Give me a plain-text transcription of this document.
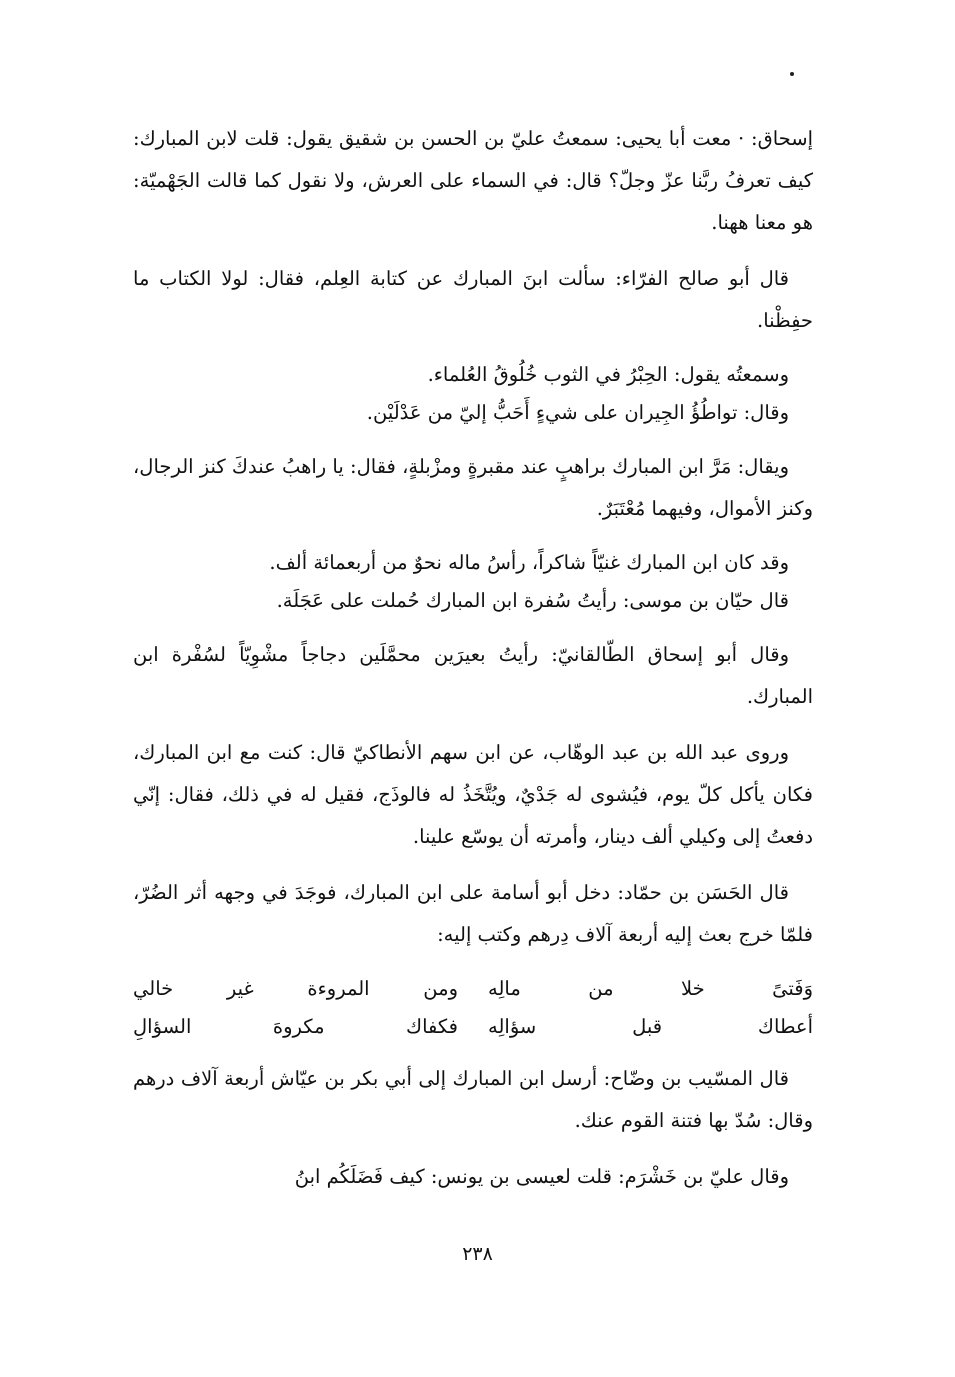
إسحاق: · معت أبا يحيى: سمعتُ عليّ بن الحسن بن شقيق يقول: قلت لابن المبارك: كيف تعرفُ ربَّنا عزّ وجلّ؟ قال: في السماء على العرش، ولا نقول كما قالت الجَهْميّة: هو معنا ههنا.

قال أبو صالح الفرّاء: سألت ابنَ المبارك عن كتابة العِلم، فقال: لولا الكتاب ما حفِظْنا.

وسمعتُه يقول: الحِبْرُ في الثوب خُلُوقُ العُلماء.

وقال: تواطُؤُ الجِيران على شيءٍ أَحَبُّ إليّ من عَدْلَيْن.

ويقال: مَرَّ ابن المبارك براهبٍ عند مقبرةٍ ومزْبلةٍ، فقال: يا راهبُ عندكَ كنز الرجال، وكنز الأموال، وفيهما مُعْتَبَرٌ.

وقد كان ابن المبارك غنيّاً شاكراً، رأسُ ماله نحوٌ من أربعمائة ألف.

قال حيّان بن موسى: رأيتُ سُفرة ابن المبارك حُملت على عَجَلَة.

وقال أبو إسحاق الطّالقانيّ: رأيتُ بعيرَين محمَّلَين دجاجاً مشْوِيّاً لسُفْرة ابن المبارك.

وروى عبد الله بن عبد الوهّاب، عن ابن سهم الأنطاكيّ قال: كنت مع ابن المبارك، فكان يأكل كلّ يوم، فيُشوى له جَدْيٌ، ويُتَّخَذُ له فالوذَج، فقيل له في ذلك، فقال: إنّي دفعتُ إلى وكيلي ألف دينار، وأمرته أن يوسّع علينا.

قال الحَسَن بن حمّاد: دخل أبو أسامة على ابن المبارك، فوجَدَ في وجهه أثر الضُرّ، فلمّا خرج بعث إليه أربعة آلاف دِرهم وكتب إليه:

وَفَتىً خلا من مالِه
ومن المروءة غير خالي
أعطاك قبل سؤالِه
فكفاك مكروهَ السؤالِ

قال المسّيب بن وضّاح: أرسل ابن المبارك إلى أبي بكر بن عيّاش أربعة آلاف درهم وقال: سُدّ بها فتنة القوم عنك.

وقال عليّ بن خَشْرَم: قلت لعيسى بن يونس: كيف فَضَلَكُم ابنُ

٢٣٨
